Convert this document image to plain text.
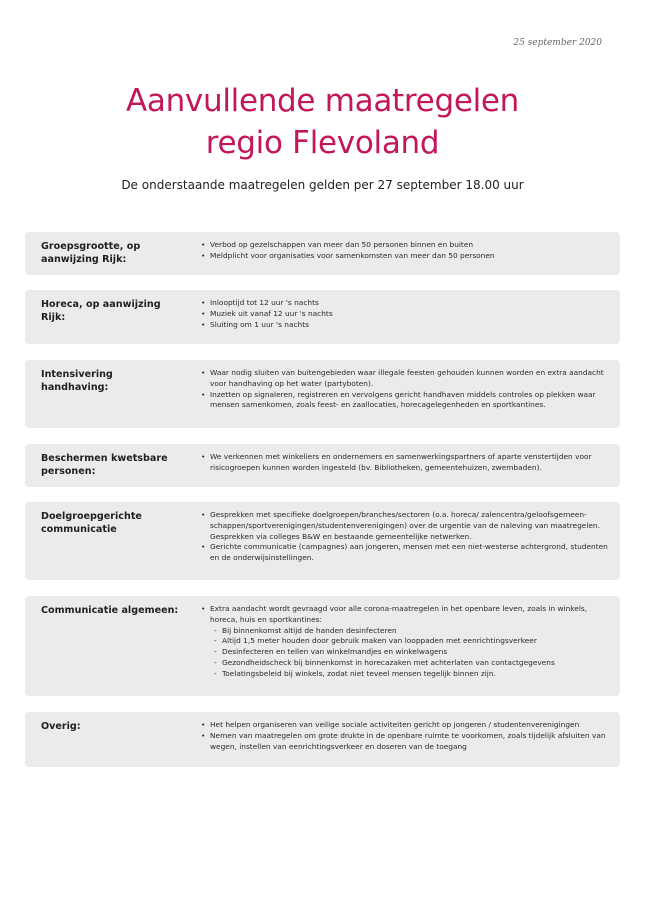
25 september 2020
Aanvullende maatregelen
regio Flevoland

De onderstaande maatregelen gelden per 27 september 18.00 uur

Groepsgrootte, op aanwijzing Rijk:
• Verbod op gezelschappen van meer dan 50 personen binnen en buiten
• Meldplicht voor organisaties voor samenkomsten van meer dan 50 personen
Horeca, op aanwijzing Rijk:
• Inlooptijd tot 12 uur 's nachts
• Muziek uit vanaf 12 uur 's nachts
• Sluiting om 1 uur 's nachts
Intensivering handhaving:
• Waar nodig sluiten van buitengebieden waar illegale feesten gehouden kunnen worden en extra aandacht voor handhaving op het water (partyboten).
• Inzetten op signaleren, registreren en vervolgens gericht handhaven middels controles op plekken waar mensen samenkomen, zoals feest- en zaallocaties, horecagelegenheden en sportkantines.
Beschermen kwetsbare personen:
• We verkennen met winkeliers en ondernemers en samenwerkingspartners of aparte venstertijden voor risicogroepen kunnen worden ingesteld (bv. Bibliotheken, gemeentehuizen, zwembaden).
Doelgroepgerichte communicatie
• Gesprekken met specifieke doelgroepen/branches/sectoren (o.a. horeca/ zalencentra/geloofsgemeen-schappen/sportverenigingen/studentenverenigingen) over de urgentie van de naleving van maatregelen.
Gesprekken via colleges B&W en bestaande gemeentelijke netwerken.
• Gerichte communicatie (campagnes) aan jongeren, mensen met een niet-westerse achtergrond, studenten en de onderwijsinstellingen.
Communicatie algemeen:	• Extra aandacht wordt gevraagd voor alle corona-maatregelen in het openbare leven, zoals in winkels, horeca, huis en sportkantines:
- Bij binnenkomst altijd de handen desinfecteren
- Altijd 1,5 meter houden door gebruik maken van looppaden met eenrichtingsverkeer
- Desinfecteren en tellen van winkelmandjes en winkelwagens
- Gezondheidscheck bij binnenkomst in horecazaken met achterlaten van contactgegevens
- Toelatingsbeleid bij winkels, zodat niet teveel mensen tegelijk binnen zijn.
Overig:	• Het helpen organiseren van veilige sociale activiteiten gericht op jongeren / studentenverenigingen
• Nemen van maatregelen om grote drukte in de openbare ruimte te voorkomen, zoals tijdelijk afsluiten van wegen, instellen van eenrichtingsverkeer en doseren van de toegang
